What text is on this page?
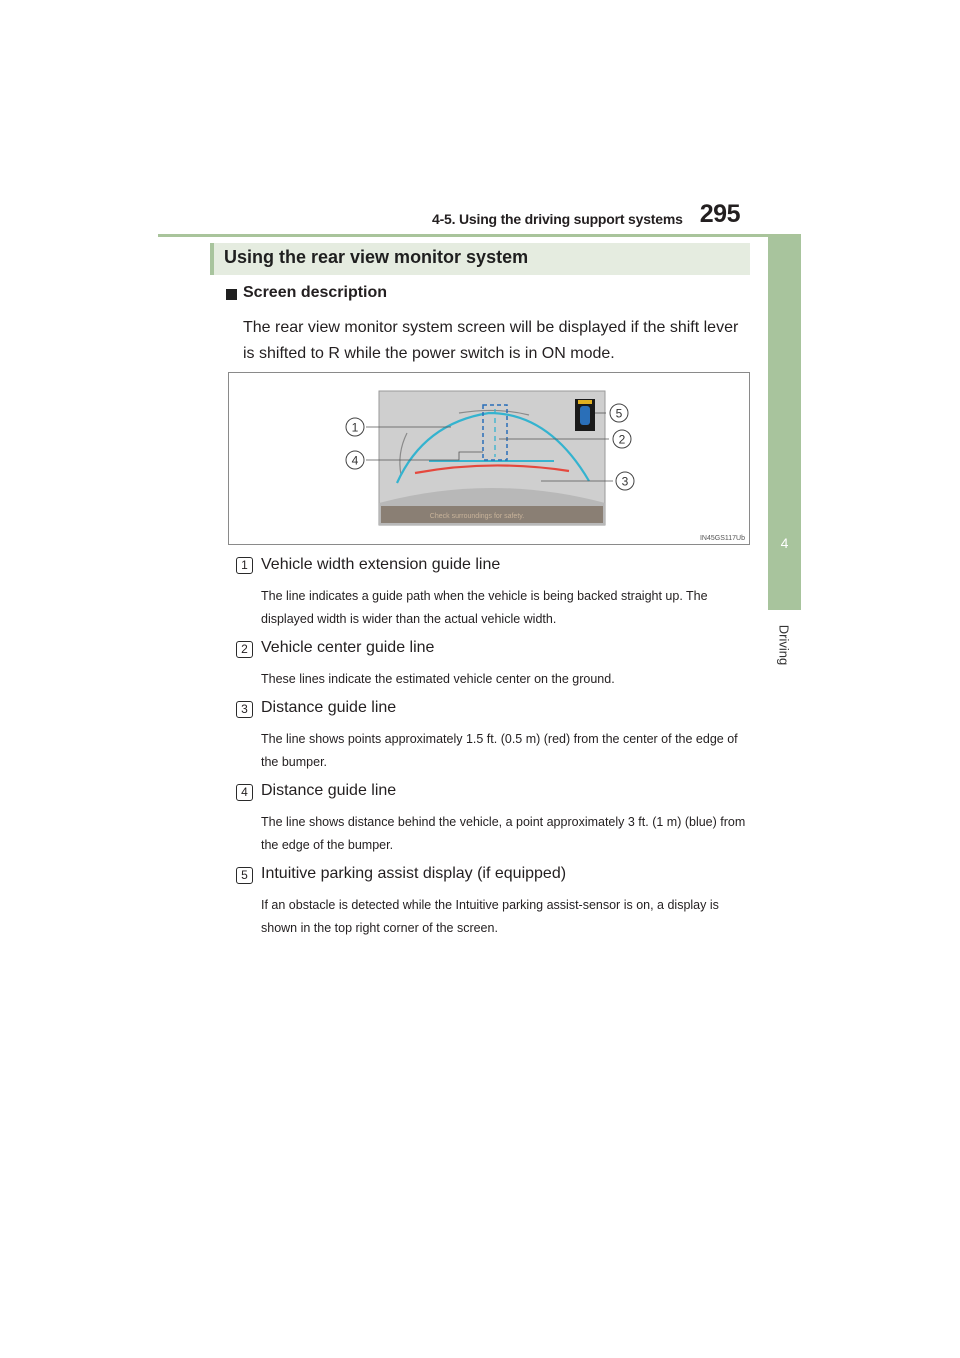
4-5. Using the driving support systems 295
4
Driving
Using the rear view monitor system
Screen description
The rear view monitor system screen will be displayed if the shift lever is shifted to R while the power switch is in ON mode.
Check surroundings for safety.
1
2
3
4
5
IN45GS117Ub
1 Vehicle width extension guide line
The line indicates a guide path when the vehicle is being backed straight up. The displayed width is wider than the actual vehicle width.
2 Vehicle center guide line
These lines indicate the estimated vehicle center on the ground.
3 Distance guide line
The line shows points approximately 1.5 ft. (0.5 m) (red) from the center of the edge of the bumper.
4 Distance guide line
The line shows distance behind the vehicle, a point approximately 3 ft. (1 m) (blue) from the edge of the bumper.
5 Intuitive parking assist display (if equipped)
If an obstacle is detected while the Intuitive parking assist-sensor is on, a display is shown in the top right corner of the screen.
